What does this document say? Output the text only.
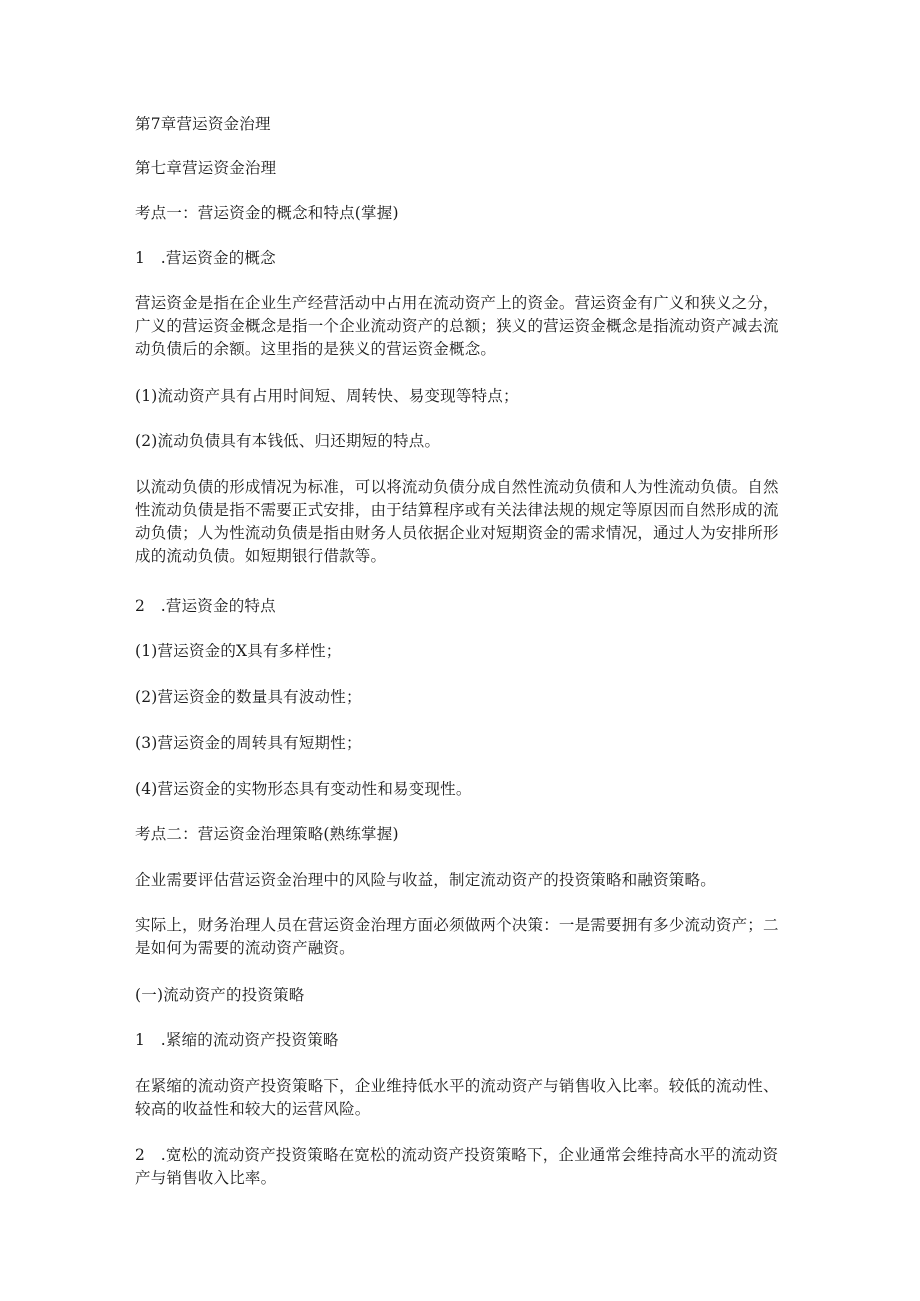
第7章营运资金治理

第七章营运资金治理

考点一：营运资金的概念和特点(掌握)

1　.营运资金的概念

营运资金是指在企业生产经营活动中占用在流动资产上的资金。营运资金有广义和狭义之分，广义的营运资金概念是指一个企业流动资产的总额；狭义的营运资金概念是指流动资产减去流动负债后的余额。这里指的是狭义的营运资金概念。

(1)流动资产具有占用时间短、周转快、易变现等特点；

(2)流动负债具有本钱低、归还期短的特点。

以流动负债的形成情况为标准，可以将流动负债分成自然性流动负债和人为性流动负债。自然性流动负债是指不需要正式安排，由于结算程序或有关法律法规的规定等原因而自然形成的流动负债；人为性流动负债是指由财务人员依据企业对短期资金的需求情况，通过人为安排所形成的流动负债。如短期银行借款等。

2　.营运资金的特点

(1)营运资金的X具有多样性；

(2)营运资金的数量具有波动性；

(3)营运资金的周转具有短期性；

(4)营运资金的实物形态具有变动性和易变现性。

考点二：营运资金治理策略(熟练掌握)

企业需要评估营运资金治理中的风险与收益，制定流动资产的投资策略和融资策略。

实际上，财务治理人员在营运资金治理方面必须做两个决策：一是需要拥有多少流动资产；二是如何为需要的流动资产融资。

(一)流动资产的投资策略

1　.紧缩的流动资产投资策略

在紧缩的流动资产投资策略下，企业维持低水平的流动资产与销售收入比率。较低的流动性、较高的收益性和较大的运营风险。

2　.宽松的流动资产投资策略在宽松的流动资产投资策略下，企业通常会维持高水平的流动资产与销售收入比率。
